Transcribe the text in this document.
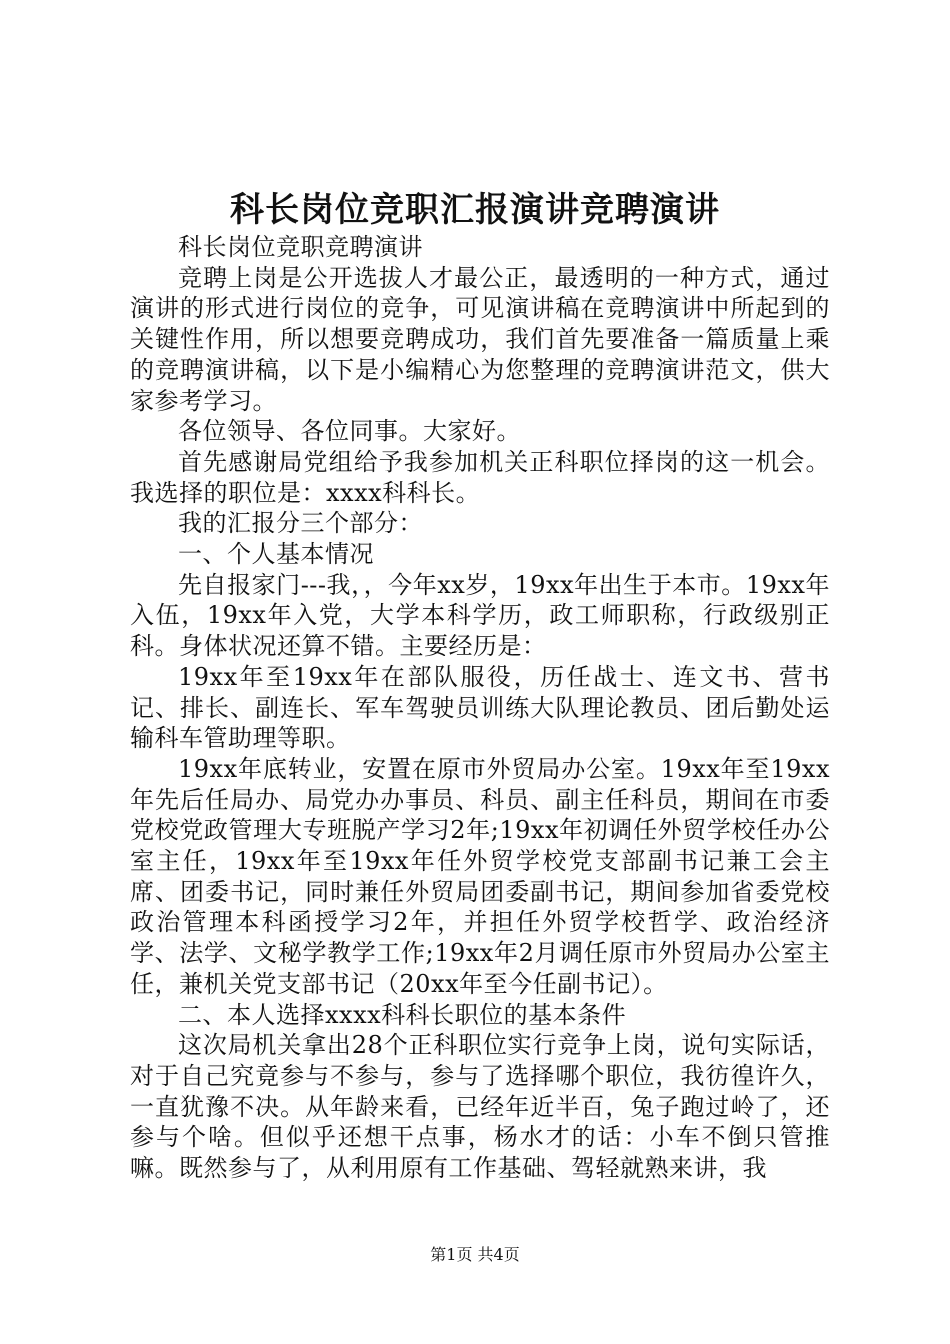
科长岗位竞职汇报演讲竞聘演讲

科长岗位竞职竞聘演讲

竞聘上岗是公开选拔人才最公正，最透明的一种方式，通过演讲的形式进行岗位的竞争，可见演讲稿在竞聘演讲中所起到的关键性作用，所以想要竞聘成功，我们首先要准备一篇质量上乘的竞聘演讲稿，以下是小编精心为您整理的竞聘演讲范文，供大家参考学习。

各位领导、各位同事。大家好。

首先感谢局党组给予我参加机关正科职位择岗的这一机会。我选择的职位是：xxxx科科长。

我的汇报分三个部分：

一、个人基本情况

先自报家门---我，，今年xx岁，19xx年出生于本市。19xx年入伍，19xx年入党，大学本科学历，政工师职称，行政级别正科。身体状况还算不错。主要经历是：

19xx年至19xx年在部队服役，历任战士、连文书、营书记、排长、副连长、军车驾驶员训练大队理论教员、团后勤处运输科车管助理等职。

19xx年底转业，安置在原市外贸局办公室。19xx年至19xx年先后任局办、局党办办事员、科员、副主任科员，期间在市委党校党政管理大专班脱产学习2年;19xx年初调任外贸学校任办公室主任，19xx年至19xx年任外贸学校党支部副书记兼工会主席、团委书记，同时兼任外贸局团委副书记，期间参加省委党校政治管理本科函授学习2年，并担任外贸学校哲学、政治经济学、法学、文秘学教学工作;19xx年2月调任原市外贸局办公室主任，兼机关党支部书记（20xx年至今任副书记）。

二、本人选择xxxx科科长职位的基本条件

这次局机关拿出28个正科职位实行竞争上岗，说句实际话，对于自己究竟参与不参与，参与了选择哪个职位，我彷徨许久，一直犹豫不决。从年龄来看，已经年近半百，兔子跑过岭了，还参与个啥。但似乎还想干点事，杨水才的话：小车不倒只管推嘛。既然参与了，从利用原有工作基础、驾轻就熟来讲，我

第1页 共4页
